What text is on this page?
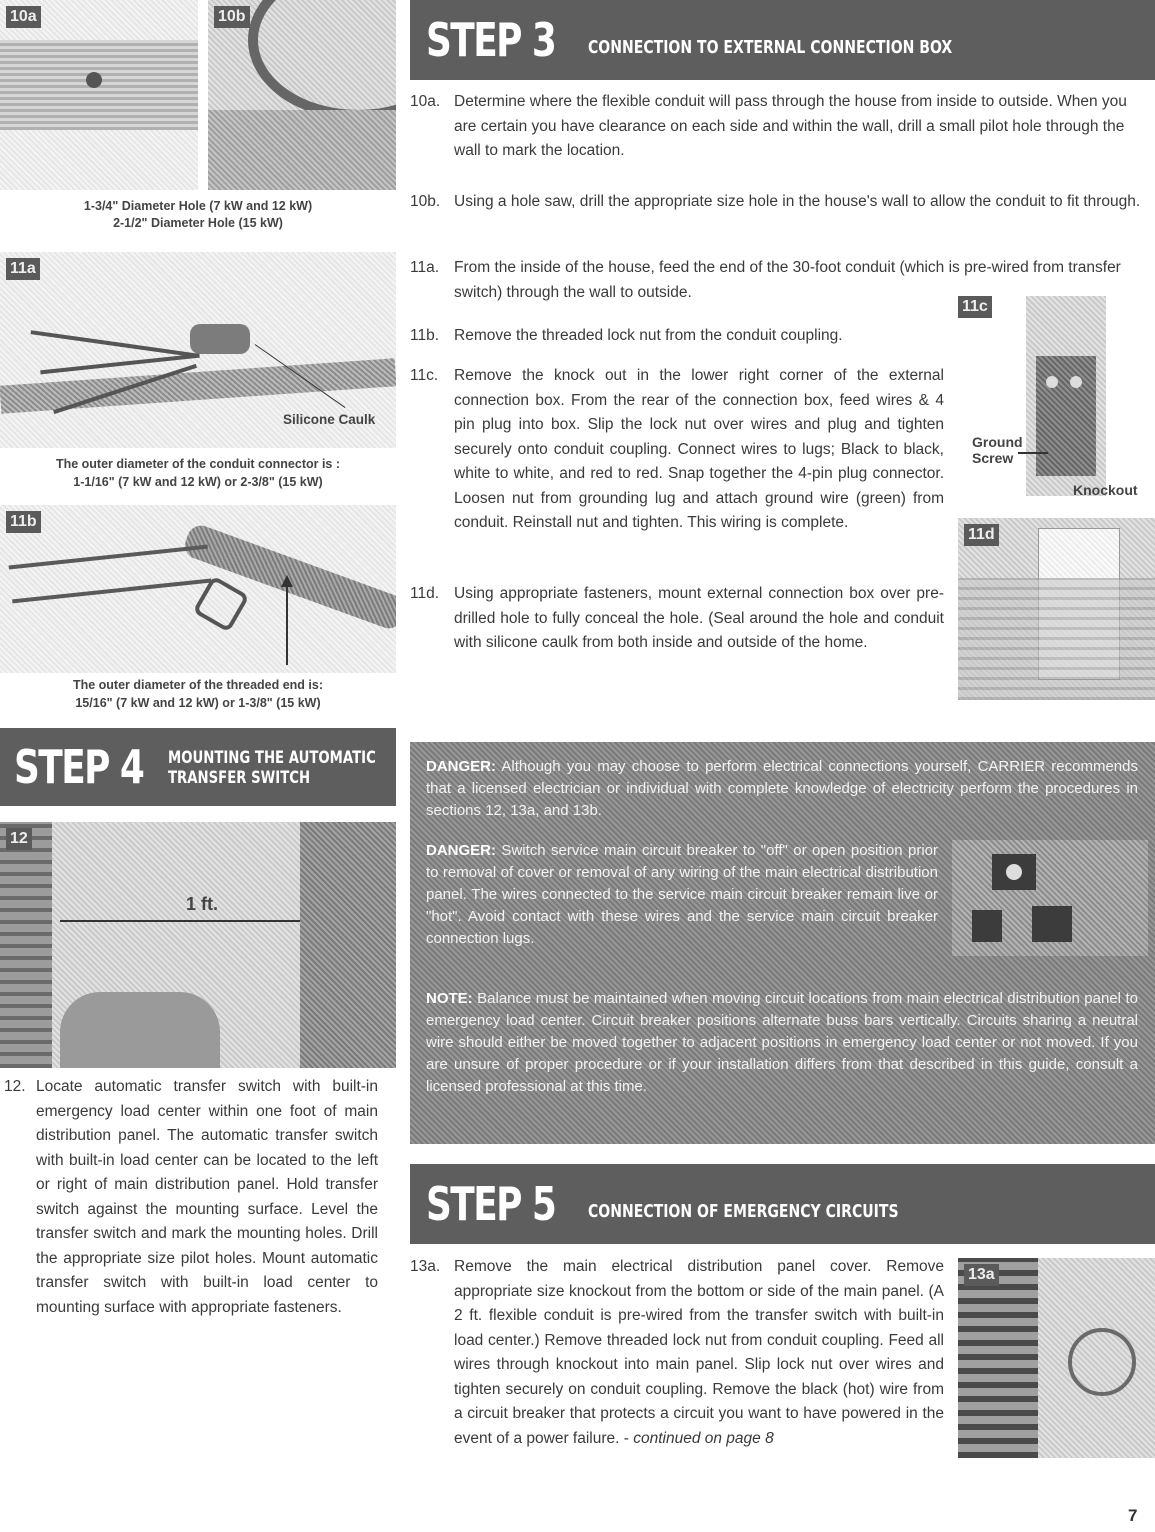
10a	10b
1-3/4" Diameter Hole (7 kW and 12 kW)
2-1/2" Diameter Hole (15 kW)
11a
Silicone Caulk
The outer diameter of the conduit connector is :
1-1/16" (7 kW and 12 kW) or 2-3/8" (15 kW)
11b
The outer diameter of the threaded end is:
15/16" (7 kW and 12 kW) or 1-3/8" (15 kW)
STEP 4 MOUNTING THE AUTOMATIC
TRANSFER SWITCH
12
1 ft.
12. Locate automatic transfer switch with built-in emergency load center within one foot of main distribution panel. The automatic transfer switch with built-in load center can be located to the left or right of main distribution panel. Hold transfer switch against the mounting surface. Level the transfer switch and mark the mounting holes. Drill the appropriate size pilot holes. Mount automatic transfer switch with built-in load center to mounting surface with appropriate fasteners.
STEP 3 CONNECTION TO EXTERNAL CONNECTION BOX
10a. Determine where the flexible conduit will pass through the house from inside to outside. When you are certain you have clearance on each side and within the wall, drill a small pilot hole through the wall to mark the location.
10b. Using a hole saw, drill the appropriate size hole in the house's wall to allow the conduit to fit through.
11a. From the inside of the house, feed the end of the 30-foot conduit (which is pre-wired from transfer switch) through the wall to outside.
11b. Remove the threaded lock nut from the conduit coupling.
11c. Remove the knock out in the lower right corner of the external connection box. From the rear of the connection box, feed wires & 4 pin plug into box. Slip the lock nut over wires and plug and tighten securely onto conduit coupling. Connect wires to lugs; Black to black, white to white, and red to red. Snap together the 4-pin plug connector. Loosen nut from grounding lug and attach ground wire (green) from conduit. Reinstall nut and tighten. This wiring is complete.
11d. Using appropriate fasteners, mount external connection box over pre-drilled hole to fully conceal the hole. (Seal around the hole and conduit with silicone caulk from both inside and outside of the home.
11c
Ground
Screw
Knockout
11d
DANGER: Although you may choose to perform electrical connections yourself, CARRIER recommends that a licensed electrician or individual with complete knowledge of electricity perform the procedures in sections 12, 13a, and 13b.
DANGER: Switch service main circuit breaker to "off" or open position prior to removal of cover or removal of any wiring of the main electrical distribution panel. The wires connected to the service main circuit breaker remain live or "hot". Avoid contact with these wires and the service main circuit breaker connection lugs.
NOTE: Balance must be maintained when moving circuit locations from main electrical distribution panel to emergency load center. Circuit breaker positions alternate buss bars vertically. Circuits sharing a neutral wire should either be moved together to adjacent positions in emergency load center or not moved. If you are unsure of proper procedure or if your installation differs from that described in this guide, consult a licensed professional at this time.
STEP 5 CONNECTION OF EMERGENCY CIRCUITS
13a. Remove the main electrical distribution panel cover. Remove appropriate size knockout from the bottom or side of the main panel. (A 2 ft. flexible conduit is pre-wired from the transfer switch with built-in load center.) Remove threaded lock nut from conduit coupling. Feed all wires through knockout into main panel. Slip lock nut over wires and tighten securely on conduit coupling. Remove the black (hot) wire from a circuit breaker that protects a circuit you want to have powered in the event of a power failure. - continued on page 8
13a
7
